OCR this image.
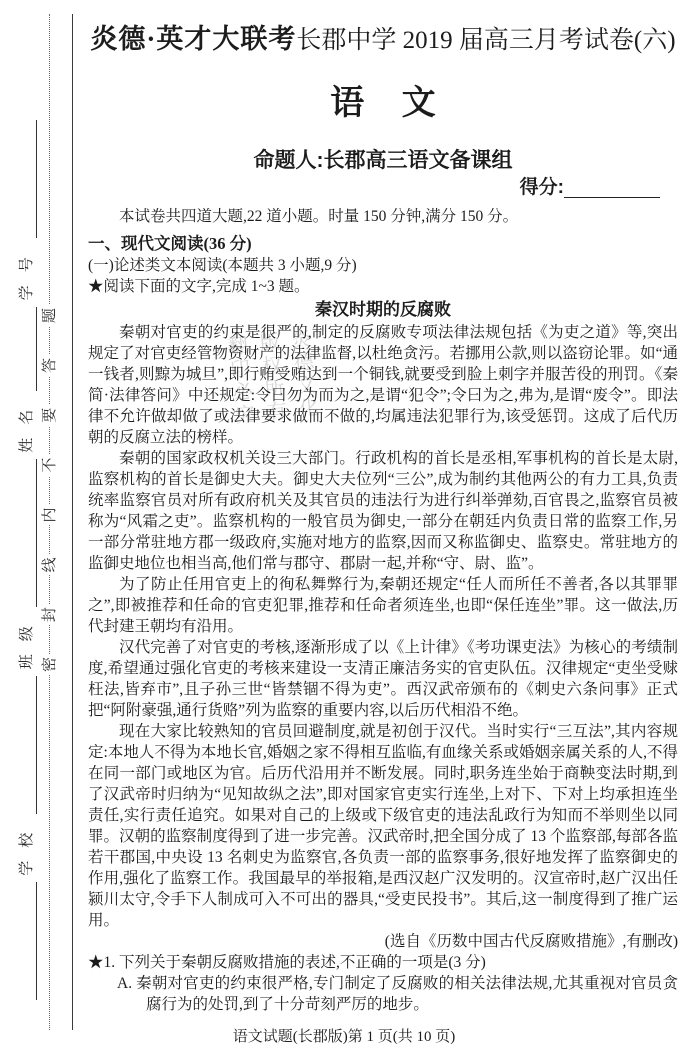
密
封
线
内
不
要
答
题
学校
班级
姓名
学号
炎德文化
版权所有
翻印必究
炎德·英才大联考长郡中学 2019 届高三月考试卷(六)
语文
命题人:长郡高三语文备课组
得分:

本试卷共四道大题,22 道小题。时量 150 分钟,满分 150 分。

一、现代文阅读(36 分)

(一)论述类文本阅读(本题共 3 小题,9 分)

★阅读下面的文字,完成 1~3 题。

秦汉时期的反腐败

秦朝对官吏的约束是很严的,制定的反腐败专项法律法规包括《为吏之道》等,突出规定了对官吏经管物资财产的法律监督,以杜绝贪污。若挪用公款,则以盗窃论罪。如“通一钱者,则黥为城旦”,即行贿受贿达到一个铜钱,就要受到脸上刺字并服苦役的刑罚。《秦简·法律答问》中还规定:令曰勿为而为之,是谓“犯令”;令曰为之,弗为,是谓“废令”。即法律不允许做却做了或法律要求做而不做的,均属违法犯罪行为,该受惩罚。这成了后代历朝的反腐立法的榜样。

秦朝的国家政权机关设三大部门。行政机构的首长是丞相,军事机构的首长是太尉,监察机构的首长是御史大夫。御史大夫位列“三公”,成为制约其他两公的有力工具,负责统率监察官员对所有政府机关及其官员的违法行为进行纠举弹劾,百官畏之,监察官员被称为“风霜之吏”。监察机构的一般官员为御史,一部分在朝廷内负责日常的监察工作,另一部分常驻地方郡一级政府,实施对地方的监察,因而又称监御史、监察史。常驻地方的监御史地位也相当高,他们常与郡守、郡尉一起,并称“守、尉、监”。

为了防止任用官吏上的徇私舞弊行为,秦朝还规定“任人而所任不善者,各以其罪罪之”,即被推荐和任命的官吏犯罪,推荐和任命者须连坐,也即“保任连坐”罪。这一做法,历代封建王朝均有沿用。

汉代完善了对官吏的考核,逐渐形成了以《上计律》《考功课吏法》为核心的考绩制度,希望通过强化官吏的考核来建设一支清正廉洁务实的官吏队伍。汉律规定“吏坐受赇枉法,皆弃市”,且子孙三世“皆禁锢不得为吏”。西汉武帝颁布的《刺史六条问事》正式把“阿附豪强,通行货赂”列为监察的重要内容,以后历代相沿不绝。

现在大家比较熟知的官员回避制度,就是初创于汉代。当时实行“三互法”,其内容规定:本地人不得为本地长官,婚姻之家不得相互监临,有血缘关系或婚姻亲属关系的人,不得在同一部门或地区为官。后历代沿用并不断发展。同时,职务连坐始于商鞅变法时期,到了汉武帝时归纳为“见知故纵之法”,即对国家官吏实行连坐,上对下、下对上均承担连坐责任,实行责任追究。如果对自己的上级或下级官吏的违法乱政行为知而不举则坐以同罪。汉朝的监察制度得到了进一步完善。汉武帝时,把全国分成了 13 个监察部,每部各监若干郡国,中央设 13 名刺史为监察官,各负责一部的监察事务,很好地发挥了监察御史的作用,强化了监察工作。我国最早的举报箱,是西汉赵广汉发明的。汉宣帝时,赵广汉出任颍川太守,令手下人制成可入不可出的器具,“受吏民投书”。其后,这一制度得到了推广运用。

(选自《历数中国古代反腐败措施》,有删改)

★1. 下列关于秦朝反腐败措施的表述,不正确的一项是(3 分)

A. 秦朝对官吏的约束很严格,专门制定了反腐败的相关法律法规,尤其重视对官员贪腐行为的处罚,到了十分苛刻严厉的地步。

语文试题(长郡版)第 1 页(共 10 页)
